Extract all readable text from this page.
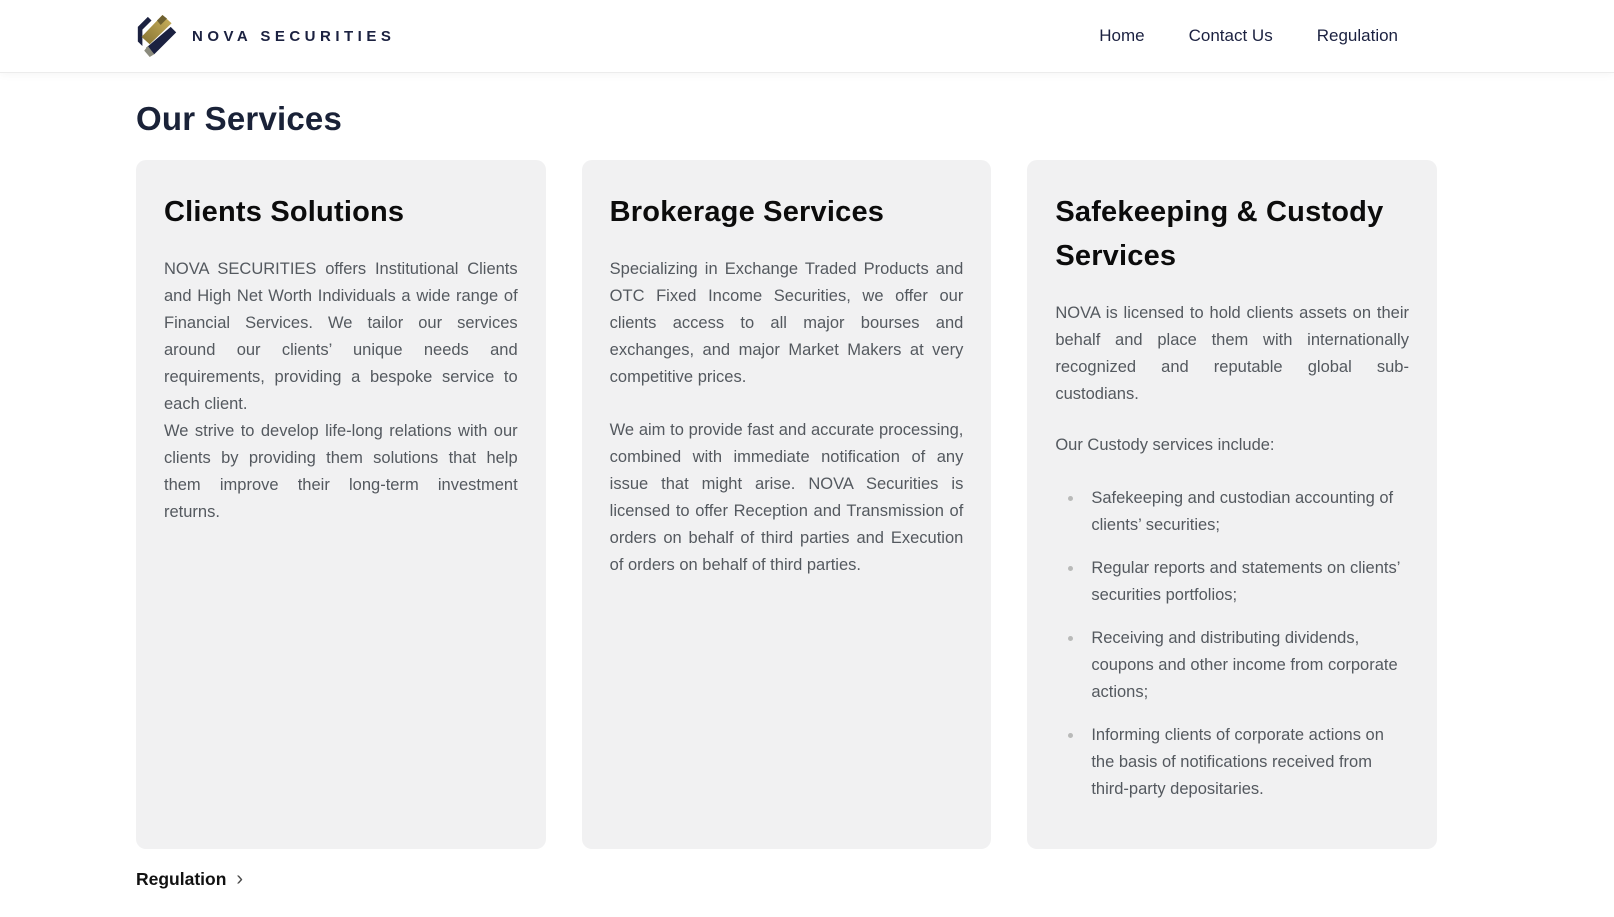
NOVA SECURITIES	Home	Contact Us	Regulation
Our Services
Clients Solutions

NOVA SECURITIES offers Institutional Clients and High Net Worth Individuals a wide range of Financial Services. We tailor our services around our clients’ unique needs and requirements, providing a bespoke service to each client.

We strive to develop life-long relations with our clients by providing them solutions that help them improve their long-term investment returns.

Brokerage Services

Specializing in Exchange Traded Products and OTC Fixed Income Securities, we offer our clients access to all major bourses and exchanges, and major Market Makers at very competitive prices.

We aim to provide fast and accurate processing, combined with immediate notification of any issue that might arise. NOVA Securities is licensed to offer Reception and Transmission of orders on behalf of third parties and Execution of orders on behalf of third parties.

Safekeeping & Custody Services

NOVA is licensed to hold clients assets on their behalf and place them with internationally recognized and reputable global sub-custodians.

Our Custody services include:

Safekeeping and custodian accounting of clients’ securities;
Regular reports and statements on clients’ securities portfolios;
Receiving and distributing dividends, coupons and other income from corporate actions;
Informing clients of corporate actions on the basis of notifications received from third-party depositaries.
Regulation ›
